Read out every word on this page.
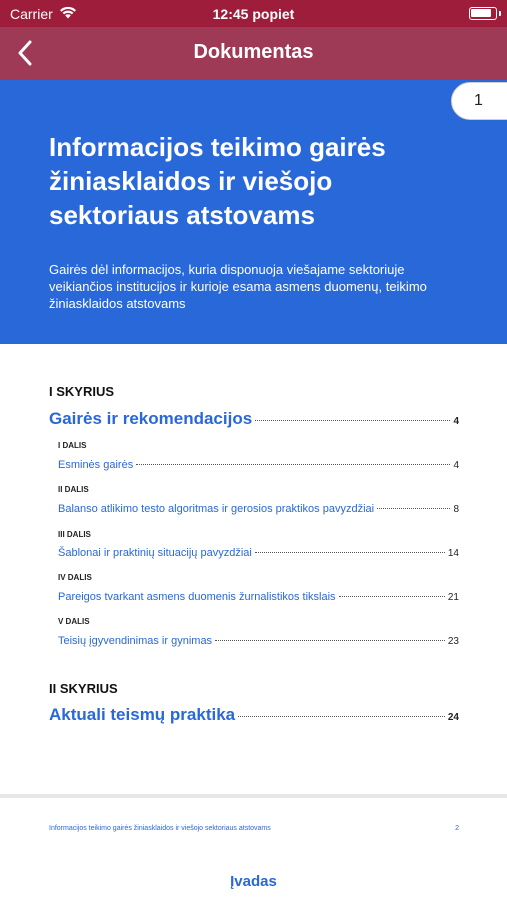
Carrier	12:45 popiet
Dokumentas
Informacijos teikimo gairės žiniasklaidos ir viešojo sektoriaus atstovams
Gairės dėl informacijos, kuria disponuoja viešajame sektoriuje veikiančios institucijos ir kurioje esama asmens duomenų, teikimo žiniasklaidos atstovams
1
I SKYRIUS
Gairės ir rekomendacijos	4
I DALIS
Esminės gairės	4
II DALIS
Balanso atlikimo testo algoritmas ir gerosios praktikos pavyzdžiai	8
III DALIS
Šablonai ir praktinių situacijų pavyzdžiai	14
IV DALIS
Pareigos tvarkant asmens duomenis žurnalistikos tikslais	21
V DALIS
Teisių įgyvendinimas ir gynimas	23
II SKYRIUS
Aktuali teismų praktika	24
Informacijos teikimo gairės žiniasklaidos ir viešojo sektoriaus atstovams	2
Įvadas
